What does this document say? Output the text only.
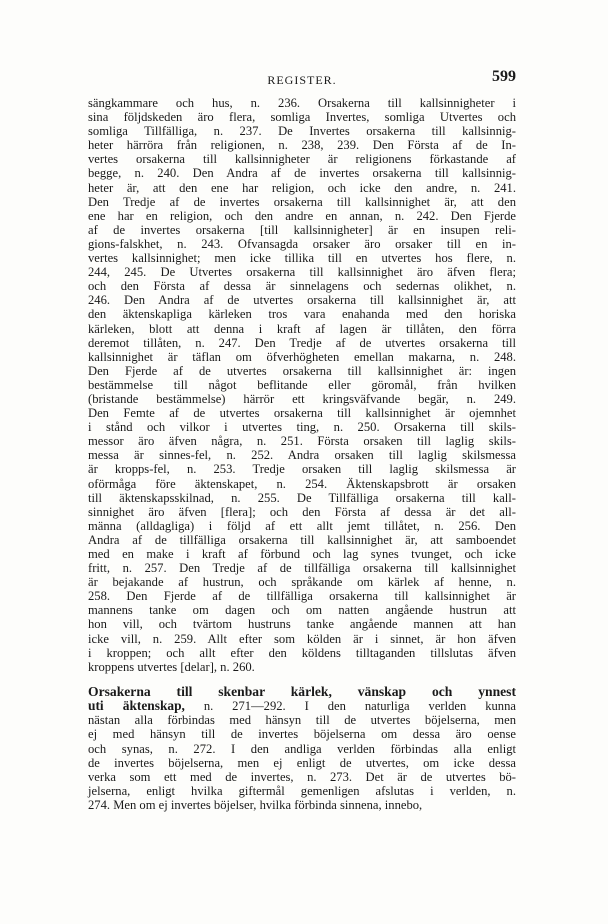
REGISTER.	599
sängkammare och hus, n. 236. Orsakerna till kallsinnigheter i
sina följdskeden äro flera, somliga Invertes, somliga Utvertes och
somliga Tillfälliga, n. 237. De Invertes orsakerna till kallsinnig-
heter härröra från religionen, n. 238, 239. Den Första af de In-
vertes orsakerna till kallsinnigheter är religionens förkastande af
begge, n. 240. Den Andra af de invertes orsakerna till kallsinnig-
heter är, att den ene har religion, och icke den andre, n. 241.
Den Tredje af de invertes orsakerna till kallsinnighet är, att den
ene har en religion, och den andre en annan, n. 242. Den Fjerde
af de invertes orsakerna [till kallsinnigheter] är en insupen reli-
gions-falskhet, n. 243. Ofvansagda orsaker äro orsaker till en in-
vertes kallsinnighet; men icke tillika till en utvertes hos flere, n.
244, 245. De Utvertes orsakerna till kallsinnighet äro äfven flera;
och den Första af dessa är sinnelagens och sedernas olikhet, n.
246. Den Andra af de utvertes orsakerna till kallsinnighet är, att
den äktenskapliga kärleken tros vara enahanda med den horiska
kärleken, blott att denna i kraft af lagen är tillåten, den förra
deremot tillåten, n. 247. Den Tredje af de utvertes orsakerna till
kallsinnighet är täflan om öfverhögheten emellan makarna, n. 248.
Den Fjerde af de utvertes orsakerna till kallsinnighet är: ingen
bestämmelse till något beflitande eller göromål, från hvilken
(bristande bestämmelse) härrör ett kringsväfvande begär, n. 249.
Den Femte af de utvertes orsakerna till kallsinnighet är ojemnhet
i stånd och vilkor i utvertes ting, n. 250. Orsakerna till skils-
messor äro äfven några, n. 251. Första orsaken till laglig skils-
messa är sinnes-fel, n. 252. Andra orsaken till laglig skilsmessa
är kropps-fel, n. 253. Tredje orsaken till laglig skilsmessa är
oförmåga före äktenskapet, n. 254. Äktenskapsbrott är orsaken
till äktenskapsskilnad, n. 255. De Tillfälliga orsakerna till kall-
sinnighet äro äfven [flera]; och den Första af dessa är det all-
männa (alldagliga) i följd af ett allt jemt tillåtet, n. 256. Den
Andra af de tillfälliga orsakerna till kallsinnighet är, att samboendet
med en make i kraft af förbund och lag synes tvunget, och icke
fritt, n. 257. Den Tredje af de tillfälliga orsakerna till kallsinnighet
är bejakande af hustrun, och språkande om kärlek af henne, n.
258. Den Fjerde af de tillfälliga orsakerna till kallsinnighet är
mannens tanke om dagen och om natten angående hustrun att
hon vill, och tvärtom hustruns tanke angående mannen att han
icke vill, n. 259. Allt efter som kölden är i sinnet, är hon äfven
i kroppen; och allt efter den köldens tilltaganden tillslutas äfven
kroppens utvertes [delar], n. 260.
Orsakerna till skenbar kärlek, vänskap och ynnest
uti äktenskap, n. 271—292. I den naturliga verlden kunna
nästan alla förbindas med hänsyn till de utvertes böjelserna, men
ej med hänsyn till de invertes böjelserna om dessa äro oense
och synas, n. 272. I den andliga verlden förbindas alla enligt
de invertes böjelserna, men ej enligt de utvertes, om icke dessa
verka som ett med de invertes, n. 273. Det är de utvertes bö-
jelserna, enligt hvilka giftermål gemenligen afslutas i verlden, n.
274. Men om ej invertes böjelser, hvilka förbinda sinnena, innebo,
